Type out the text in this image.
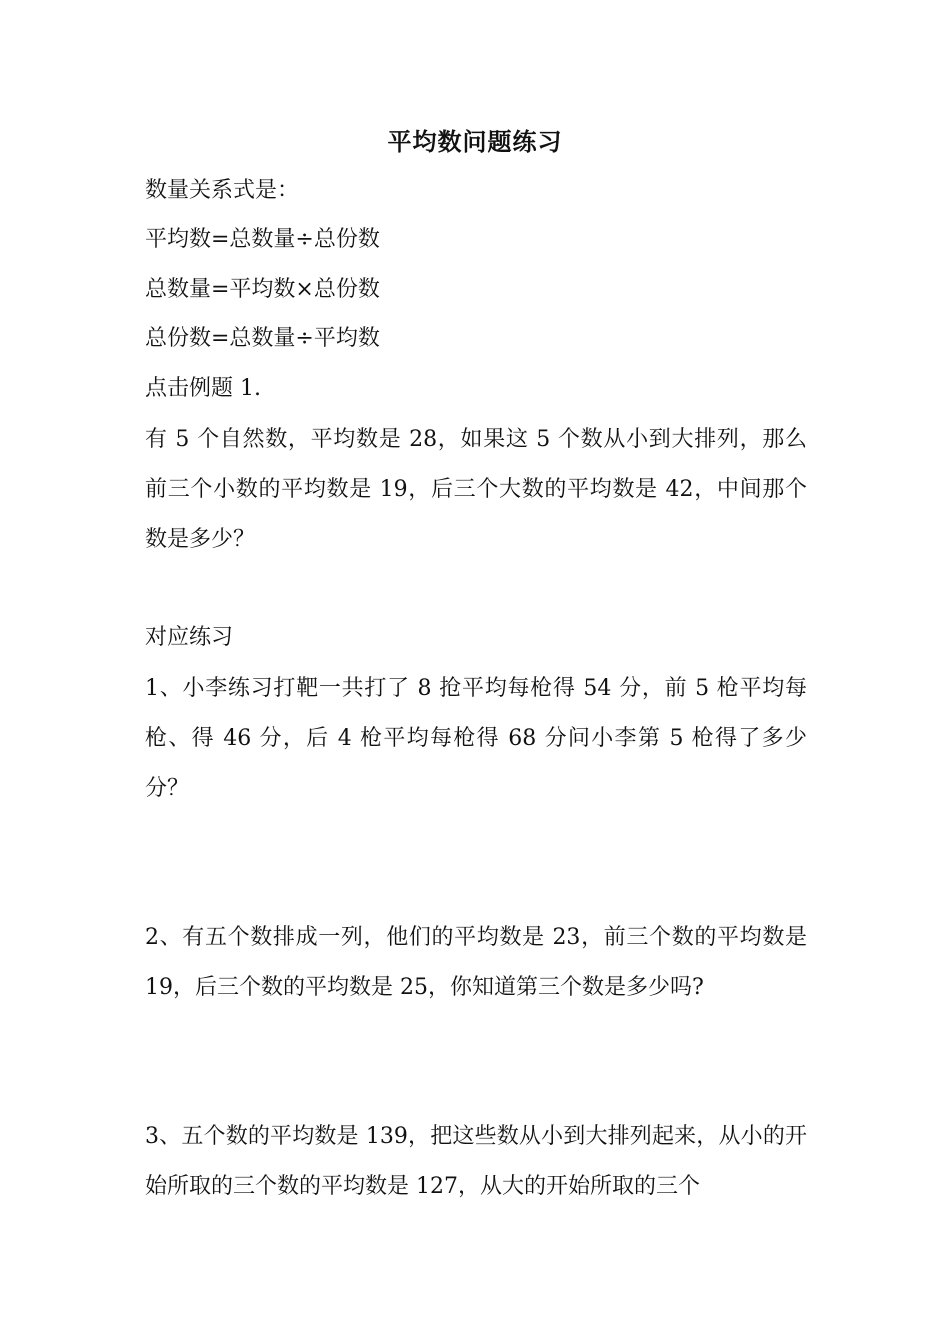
平均数问题练习
数量关系式是：
平均数=总数量÷总份数
总数量=平均数×总份数
总份数=总数量÷平均数
点击例题 1.
有 5 个自然数，平均数是 28，如果这 5 个数从小到大排列，那么前三个小数的平均数是 19，后三个大数的平均数是 42，中间那个数是多少？
对应练习
1、小李练习打靶一共打了 8 抢平均每枪得 54 分，前 5 枪平均每枪、得 46 分，后 4 枪平均每枪得 68 分问小李第 5 枪得了多少分？
2、有五个数排成一列，他们的平均数是 23，前三个数的平均数是 19，后三个数的平均数是 25，你知道第三个数是多少吗?
3、五个数的平均数是 139，把这些数从小到大排列起来，从小的开始所取的三个数的平均数是 127，从大的开始所取的三个
